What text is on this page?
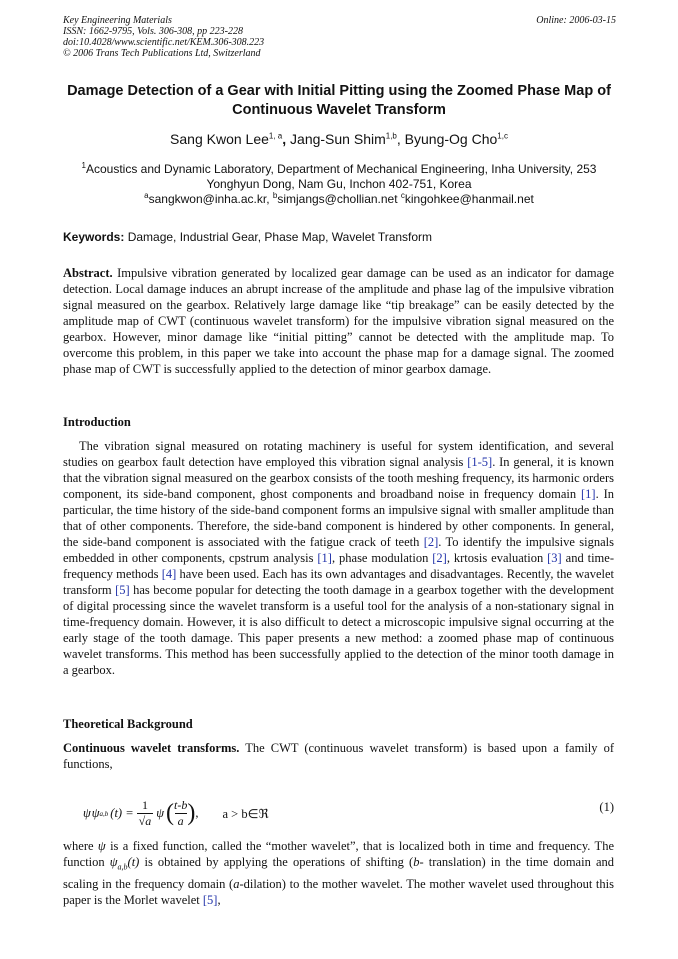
Key Engineering Materials
ISSN: 1662-9795, Vols. 306-308, pp 223-228
doi:10.4028/www.scientific.net/KEM.306-308.223
© 2006 Trans Tech Publications Ltd, Switzerland
Online: 2006-03-15
Damage Detection of a Gear with Initial Pitting using the Zoomed Phase Map of Continuous Wavelet Transform
Sang Kwon Lee$^{1, a}$, Jang-Sun Shim$^{1,b}$, Byung-Og Cho$^{1,c}$
$^1$Acoustics and Dynamic Laboratory, Department of Mechanical Engineering, Inha University, 253
Yonghyun Dong, Nam Gu, Inchon 402-751, Korea
$^a$sangkwon@inha.ac.kr, $^b$simjangs@chollian.net $^c$kingohkee@hanmail.net
Keywords: Damage, Industrial Gear, Phase Map, Wavelet Transform
Abstract. Impulsive vibration generated by localized gear damage can be used as an indicator for damage detection. Local damage induces an abrupt increase of the amplitude and phase lag of the impulsive vibration signal measured on the gearbox. Relatively large damage like “tip breakage” can be easily detected by the amplitude map of CWT (continuous wavelet transform) for the impulsive vibration signal measured on the gearbox. However, minor damage like “initial pitting” cannot be detected with the amplitude map. To overcome this problem, in this paper we take into account the phase map for a damage signal. The zoomed phase map of CWT is successfully applied to the detection of minor gearbox damage.
Introduction
The vibration signal measured on rotating machinery is useful for system identification, and several studies on gearbox fault detection have employed this vibration signal analysis [1-5]. In general, it is known that the vibration signal measured on the gearbox consists of the tooth meshing frequency, its harmonic orders component, its side-band component, ghost components and broadband noise in frequency domain [1]. In particular, the time history of the side-band component forms an impulsive signal with smaller amplitude than that of other components. Therefore, the side-band component is hindered by other components. In general, the side-band component is associated with the fatigue crack of teeth [2]. To identify the impulsive signals embedded in other components, cpstrum analysis [1], phase modulation [2], krtosis evaluation [3] and time-frequency methods [4] have been used. Each has its own advantages and disadvantages. Recently, the wavelet transform [5] has become popular for detecting the tooth damage in a gearbox together with the development of digital processing since the wavelet transform is a useful tool for the analysis of a non-stationary signal in time-frequency domain. However, it is also difficult to detect a microscopic impulsive signal occurring at the early stage of the tooth damage. This paper presents a new method: a zoomed phase map of continuous wavelet transforms. This method has been successfully applied to the detection of the minor tooth damage in a gearbox.
Theoretical Background
Continuous wavelet transforms. The CWT (continuous wavelet transform) is based upon a family of functions,
ψ ψ a,b $(t) = \frac{1}{√a}$ ψ ( $\frac{t-b}{a}$ ) , a > b∈ℜ	(1)
where ψ is a fixed function, called the “mother wavelet”, that is localized both in time and frequency. The function $\psi_{a,b}(t)$ is obtained by applying the operations of shifting (b- translation) in the time domain and scaling in the frequency domain (a-dilation) to the mother wavelet. The mother wavelet used throughout this paper is the Morlet wavelet [5],
